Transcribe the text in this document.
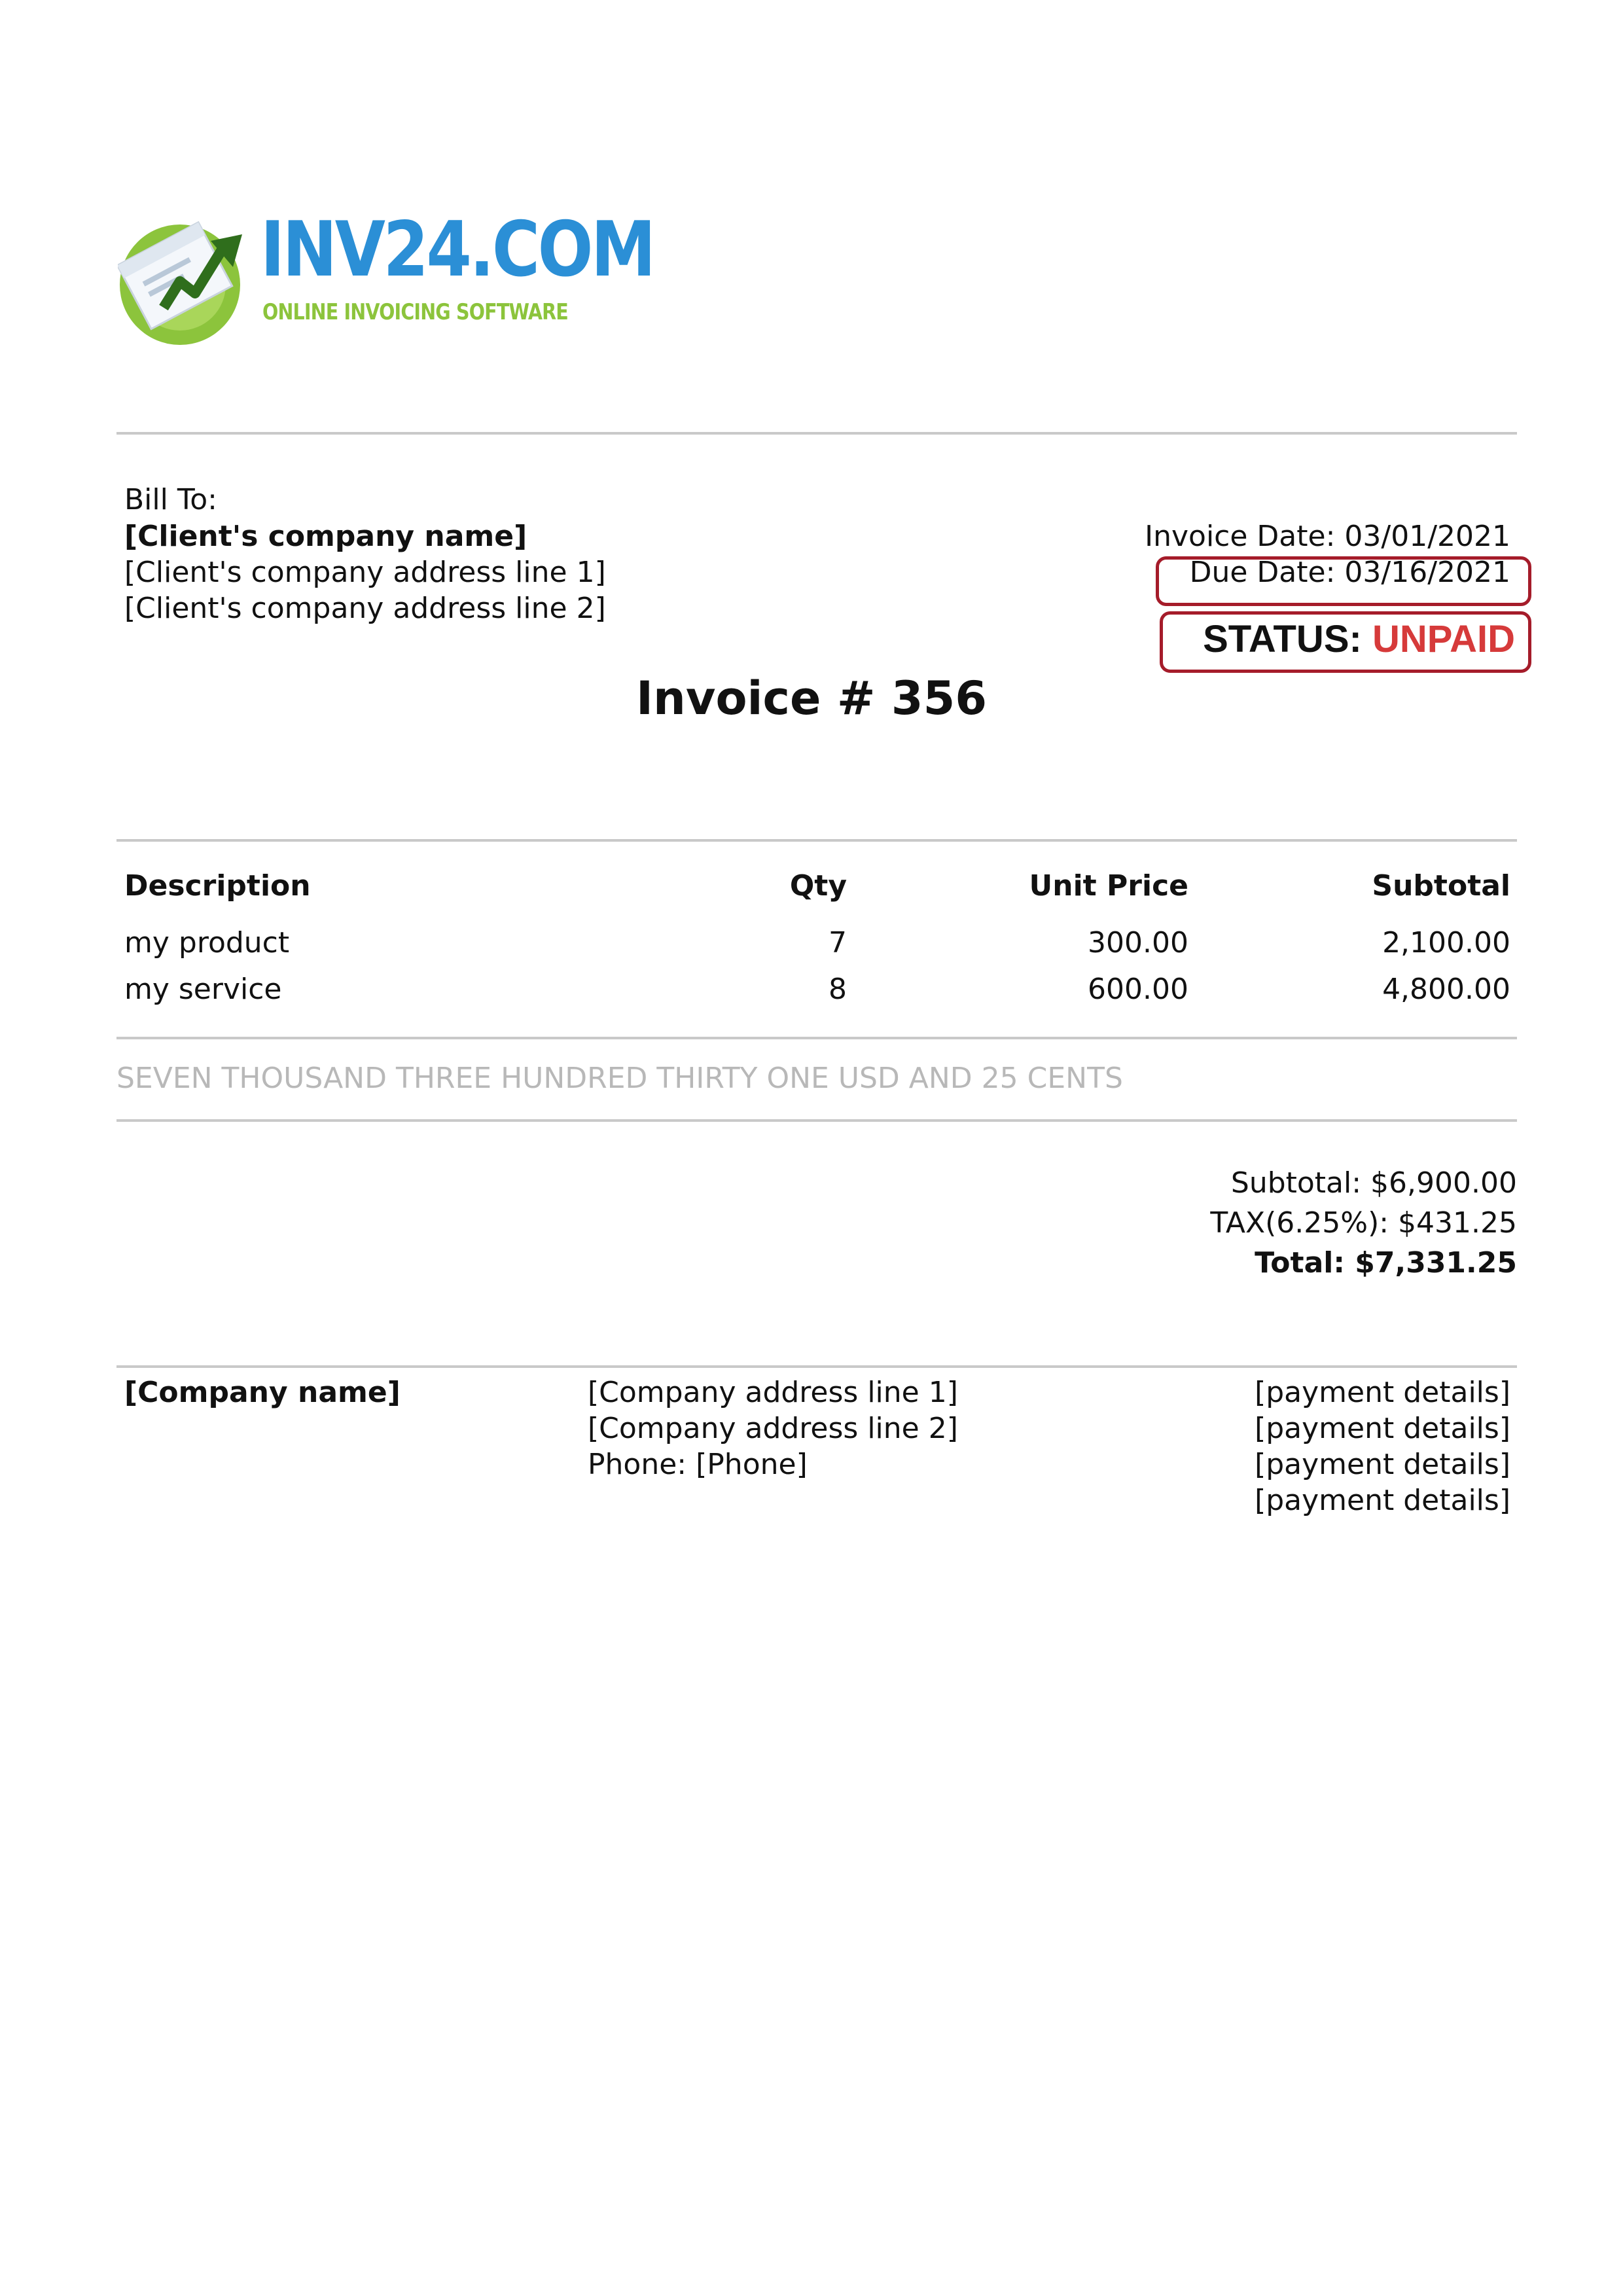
INV24.COM
ONLINE INVOICING SOFTWARE
Bill To:
[Client's company name]
[Client's company address line 1]
[Client's company address line 2]
Invoice Date: 03/01/2021
Due Date: 03/16/2021
STATUS: UNPAID
Invoice # 356
Description	Qty	Unit Price	Subtotal
my product	7	300.00	2,100.00
my service	8	600.00	4,800.00
SEVEN THOUSAND THREE HUNDRED THIRTY ONE USD AND 25 CENTS
Subtotal: $6,900.00
TAX(6.25%): $431.25
Total: $7,331.25
[Company name]	[Company address line 1]
[Company address line 2]
Phone: [Phone]
[payment details]
[payment details]
[payment details]
[payment details]
